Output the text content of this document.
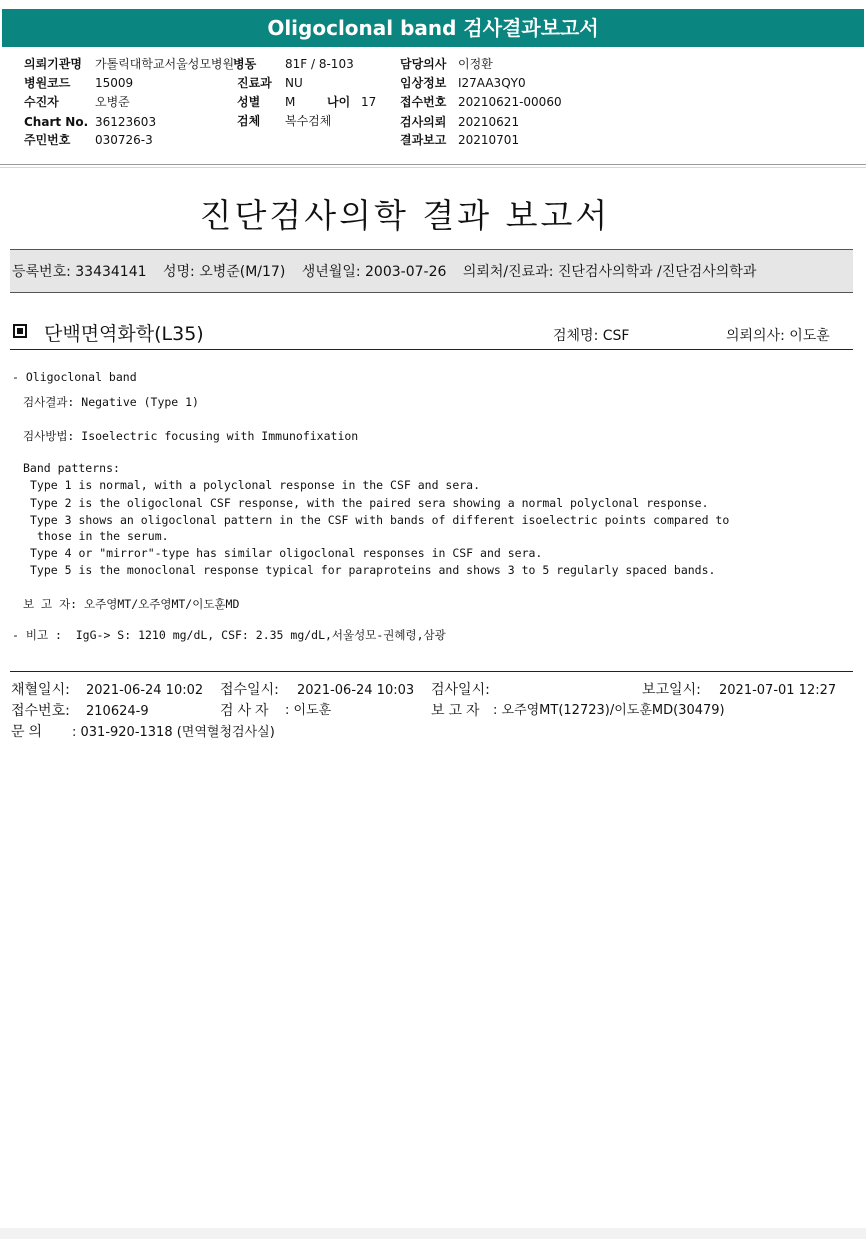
Oligoclonal band 검사결과보고서
의뢰기관명 가톨릭대학교서울성모병원
병동 81F / 8-103	담당의사 이정환
병원코드 15009	진료과 NU	임상정보 I27AA3QY0
수진자	오병준	성별 M	나이 17 접수번호 20210621-00060
Chart No. 36123603	검체 복수검체	검사의뢰 20210621
주민번호 030726-3	결과보고 20210701
진단검사의학 결과 보고서
등록번호: 33434141 성명: 오병준(M/17) 생년월일: 2003-07-26 의뢰처/진료과: 진단검사의학과 /진단검사의학과
단백면역화학(L35)	검체명: CSF	의뢰의사: 이도훈
- Oligoclonal band
검사결과: Negative (Type 1)
검사방법: Isoelectric focusing with Immunofixation
Band patterns:
Type 1 is normal, with a polyclonal response in the CSF and sera.
Type 2 is the oligoclonal CSF response, with the paired sera showing a normal polyclonal response.
Type 3 shows an oligoclonal pattern in the CSF with bands of different isoelectric points compared to
those in the serum.
Type 4 or "mirror"-type has similar oligoclonal responses in CSF and sera.
Type 5 is the monoclonal response typical for paraproteins and shows 3 to 5 regularly spaced bands.
보 고 자: 오주영MT/오주영MT/이도훈MD
- 비고 :  IgG-> S: 1210 mg/dL, CSF: 2.35 mg/dL,서울성모-권혜령,삼광
채혈일시: 2021-06-24 10:02 접수일시: 2021-06-24 10:03 검사일시:	보고일시: 2021-07-01 12:27
접수번호: 210624-9	검사자 : 이도훈	보고자 : 오주영MT(12723)/이도훈MD(30479)
문의 : 031-920-1318 (면역혈청검사실)
